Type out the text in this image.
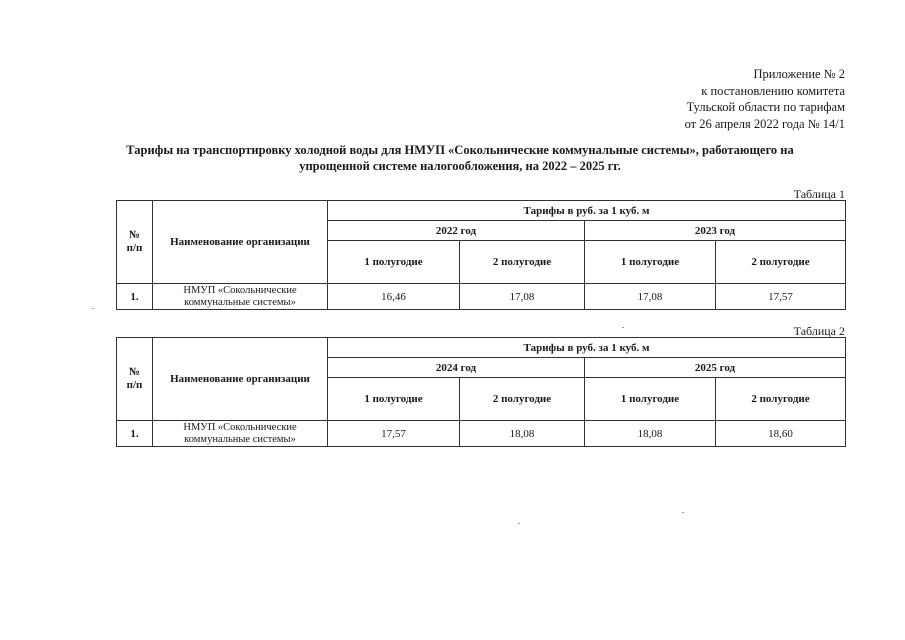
Приложение № 2
к постановлению комитета
Тульской области по тарифам
от 26 апреля 2022 года № 14/1
Тарифы на транспортировку холодной воды для НМУП «Сокольнические коммунальные системы», работающего на
упрощенной системе налогообложения, на 2022 – 2025 гг.
Таблица 1
№
п/п	Наименование организации	Тарифы в руб. за 1 куб. м			
		2022 год		2023 год	
		1 полугодие	2 полугодие	1 полугодие	2 полугодие
1.	НМУП «Сокольнические
коммунальные системы»	16,46	17,08	17,08	17,57
Таблица 2
№
п/п	Наименование организации	Тарифы в руб. за 1 куб. м			
		2024 год		2025 год	
		1 полугодие	2 полугодие	1 полугодие	2 полугодие
1.	НМУП «Сокольнические
коммунальные системы»	17,57	18,08	18,08	18,60
